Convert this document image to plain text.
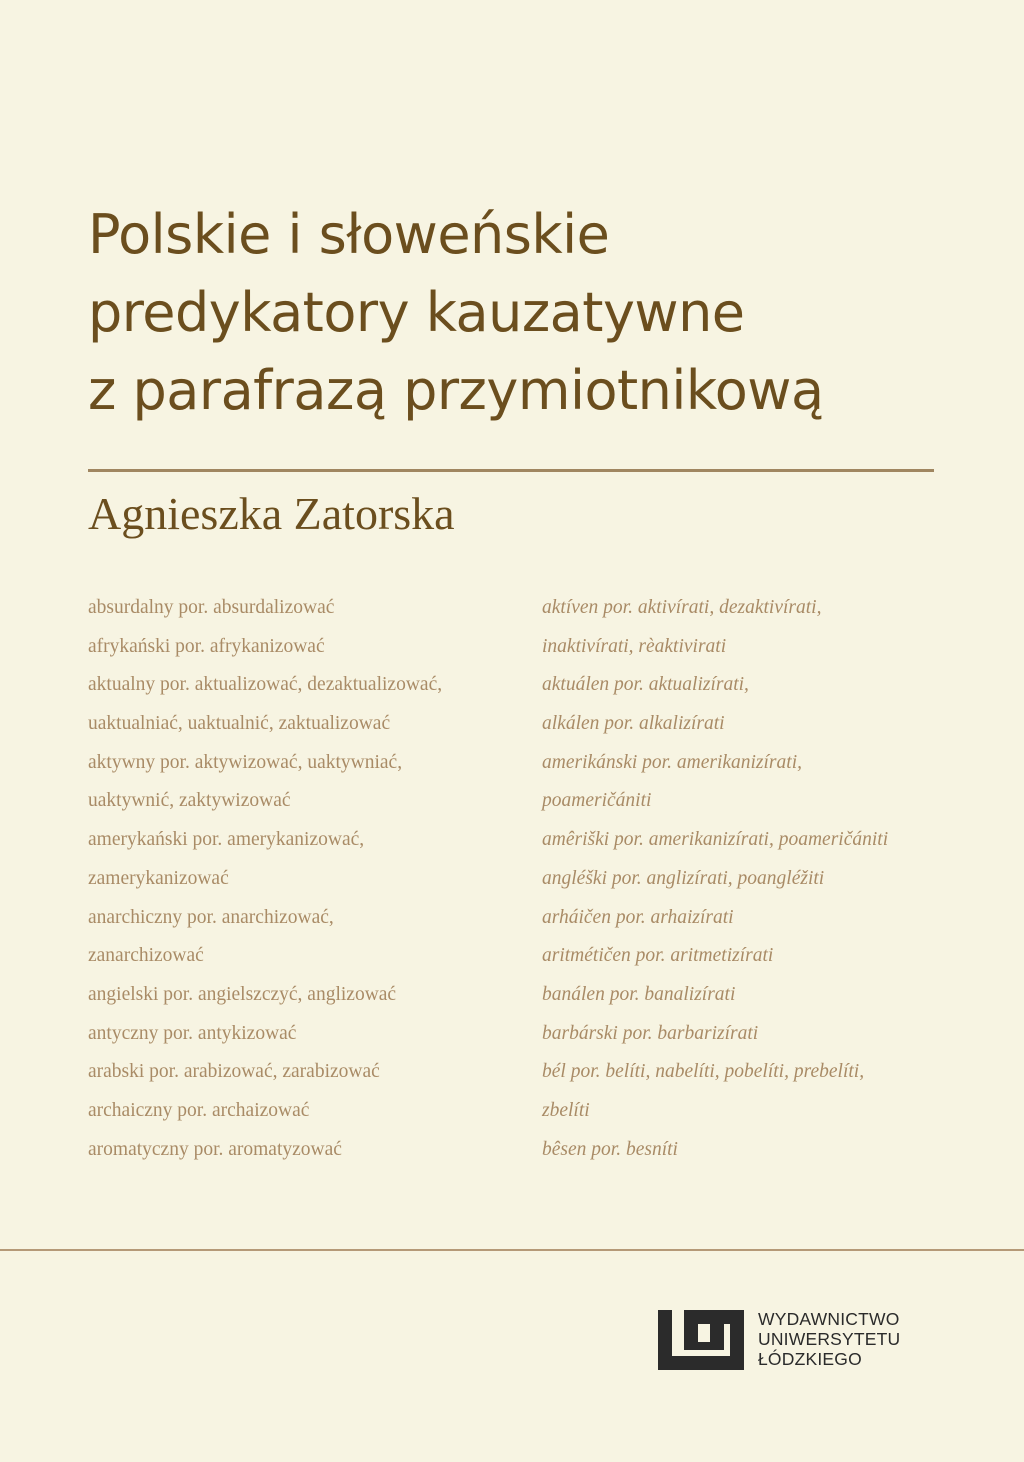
Polskie i słoweńskie
predykatory kauzatywne
z parafrazą przymiotnikową
Agnieszka Zatorska
absurdalny por. absurdalizować
afrykański por. afrykanizować
aktualny por. aktualizować, dezaktualizować,
uaktualniać, uaktualnić, zaktualizować
aktywny por. aktywizować, uaktywniać,
uaktywnić, zaktywizować
amerykański por. amerykanizować,
zamerykanizować
anarchiczny por. anarchizować,
zanarchizować
angielski por. angielszczyć, anglizować
antyczny por. antykizować
arabski por. arabizować, zarabizować
archaiczny por. archaizować
aromatyczny por. aromatyzować
aktíven por. aktivírati, dezaktivírati,
inaktivírati, rèaktivirati
aktuálen por. aktualizírati,
alkálen por. alkalizírati
amerikánski por. amerikanizírati,
poameričániti
amêriški por. amerikanizírati, poameričániti
angléški por. anglizírati, poangléžiti
arháičen por. arhaizírati
aritmétičen por. aritmetizírati
banálen por. banalizírati
barbárski por. barbarizírati
bél por. belíti, nabelíti, pobelíti, prebelíti,
zbelíti
bêsen por. besníti
WYDAWNICTWO
UNIWERSYTETU
ŁÓDZKIEGO
